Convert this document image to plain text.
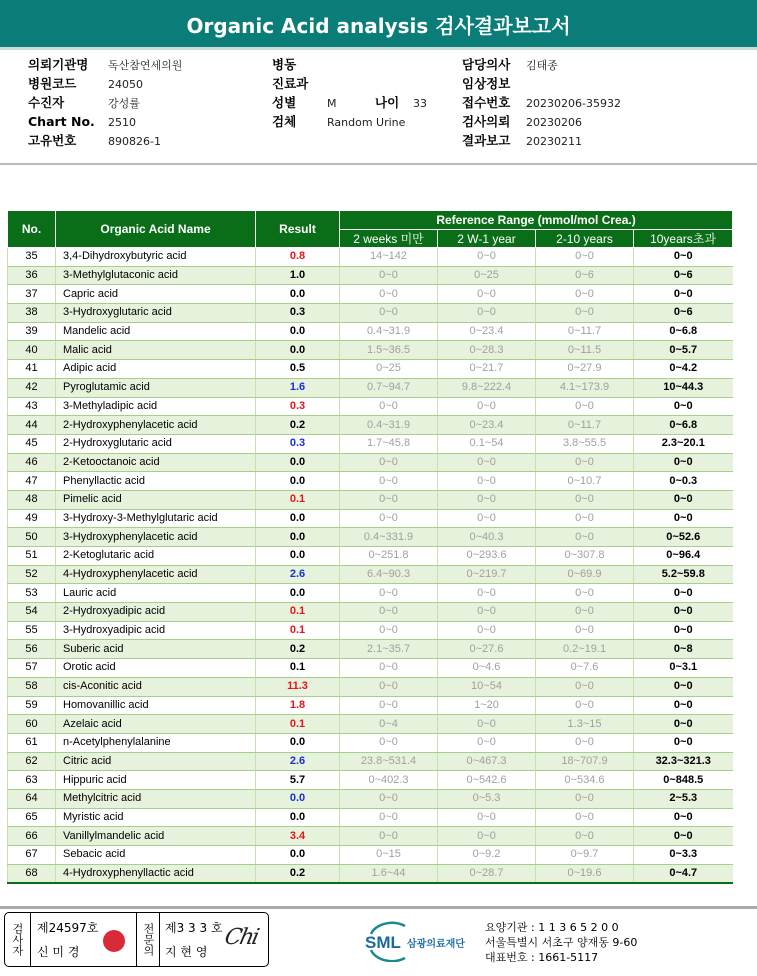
Organic Acid analysis 검사결과보고서
의뢰기관명 독산참연세의원
병원코드	24050
수진자	강성률
Chart No. 2510
고유번호	890826-1
병동
진료과
성별	M	나이 33
검체	Random Urine
담당의사 김태종
임상정보
접수번호 20230206-35932
검사의뢰 20230206
결과보고 20230211
No.	Organic Acid Name	Result	Reference Range (mmol/mol Crea.)			
			2 weeks 미만	2 W-1 year	2-10 years	10years초과
35	3,4-Dihydroxybutyric acid	0.8	14~142	0~0	0~0	0~0
36	3-Methylglutaconic acid	1.0	0~0	0~25	0~6	0~6
37	Capric acid	0.0	0~0	0~0	0~0	0~0
38	3-Hydroxyglutaric acid	0.3	0~0	0~0	0~0	0~6
39	Mandelic acid	0.0	0.4~31.9	0~23.4	0~11.7	0~6.8
40	Malic acid	0.0	1.5~36.5	0~28.3	0~11.5	0~5.7
41	Adipic acid	0.5	0~25	0~21.7	0~27.9	0~4.2
42	Pyroglutamic acid	1.6	0.7~94.7	9.8~222.4	4.1~173.9	10~44.3
43	3-Methyladipic acid	0.3	0~0	0~0	0~0	0~0
44	2-Hydroxyphenylacetic acid	0.2	0.4~31.9	0~23.4	0~11.7	0~6.8
45	2-Hydroxyglutaric acid	0.3	1.7~45.8	0.1~54	3.8~55.5	2.3~20.1
46	2-Ketooctanoic acid	0.0	0~0	0~0	0~0	0~0
47	Phenyllactic acid	0.0	0~0	0~0	0~10.7	0~0.3
48	Pimelic acid	0.1	0~0	0~0	0~0	0~0
49	3-Hydroxy-3-Methylglutaric acid	0.0	0~0	0~0	0~0	0~0
50	3-Hydroxyphenylacetic acid	0.0	0.4~331.9	0~40.3	0~0	0~52.6
51	2-Ketoglutaric acid	0.0	0~251.8	0~293.6	0~307.8	0~96.4
52	4-Hydroxyphenylacetic acid	2.6	6.4~90.3	0~219.7	0~69.9	5.2~59.8
53	Lauric acid	0.0	0~0	0~0	0~0	0~0
54	2-Hydroxyadipic acid	0.1	0~0	0~0	0~0	0~0
55	3-Hydroxyadipic acid	0.1	0~0	0~0	0~0	0~0
56	Suberic acid	0.2	2.1~35.7	0~27.6	0.2~19.1	0~8
57	Orotic acid	0.1	0~0	0~4.6	0~7.6	0~3.1
58	cis-Aconitic acid	11.3	0~0	10~54	0~0	0~0
59	Homovanillic acid	1.8	0~0	1~20	0~0	0~0
60	Azelaic acid	0.1	0~4	0~0	1.3~15	0~0
61	n-Acetylphenylalanine	0.0	0~0	0~0	0~0	0~0
62	Citric acid	2.6	23.8~531.4	0~467.3	18~707.9	32.3~321.3
63	Hippuric acid	5.7	0~402.3	0~542.6	0~534.6	0~848.5
64	Methylcitric acid	0.0	0~0	0~5.3	0~0	2~5.3
65	Myristic acid	0.0	0~0	0~0	0~0	0~0
66	Vanillylmandelic acid	3.4	0~0	0~0	0~0	0~0
67	Sebacic acid	0.0	0~15	0~9.2	0~9.7	0~3.3
68	4-Hydroxyphenyllactic acid	0.2	1.6~44	0~28.7	0~19.6	0~4.7
검사자	제24597호
신 미 경	전문의 제3 3 3 호
지 현 영
Chi	SML 삼광의료재단
요양기관 : 1 1 3 6 5 2 0 0
서울특별시 서초구 양재동 9-60
대표번호 : 1661-5117
